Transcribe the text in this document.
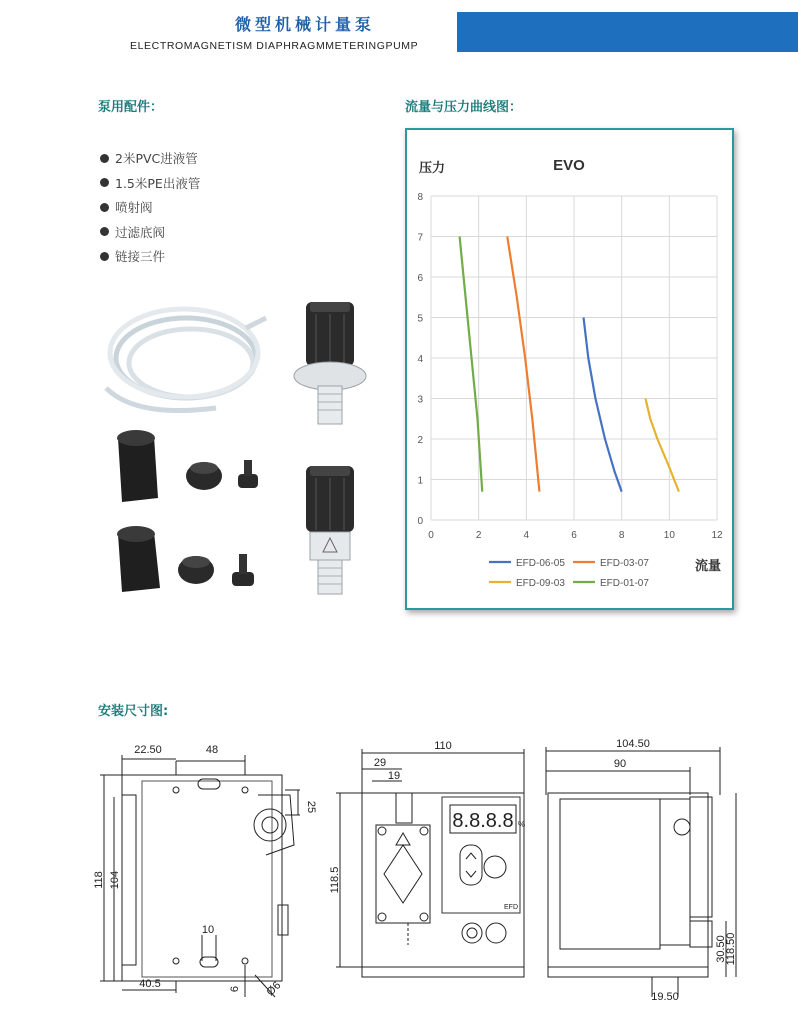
微型机械计量泵
ELECTROMAGNETISM DIAPHRAGMMETERINGPUMP
泵用配件：
2米PVC进液管
1.5米PE出液管
喷射阀
过滤底阀
链接三件
流量与压力曲线图：
0
1
2
3
4
5
6
7
8
0	2	4	6	8	10	12
EVO
压力
流量
EFD-06-05	EFD-03-07
EFD-09-03	EFD-01-07
安装尺寸图:
22.50	48
25
118 104
10
40.5	6 Ø6
110
29
19
118.5
8.8.8.8 %
EFD
104.50
90
30.50
118.50
19.50
